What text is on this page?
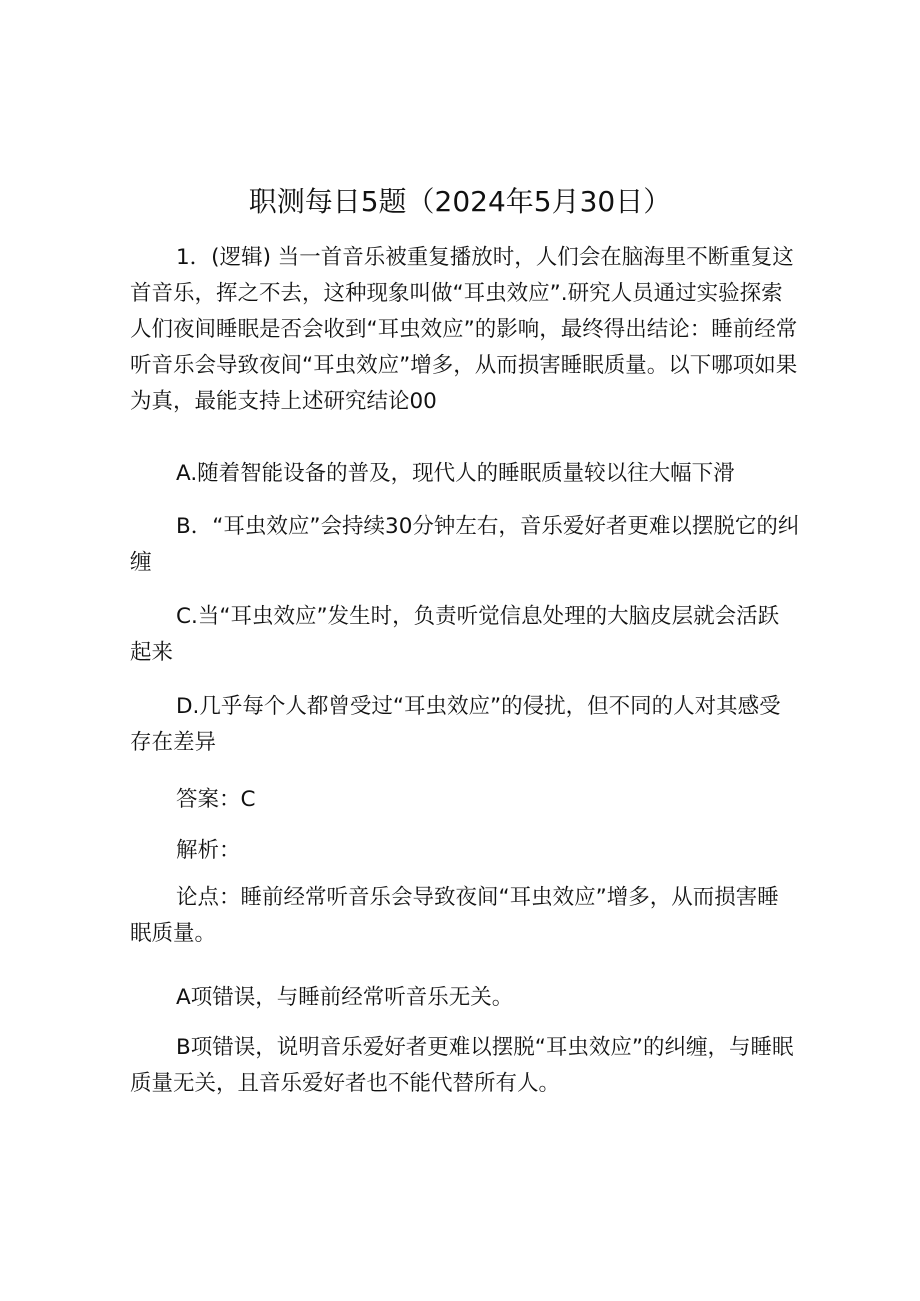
职测每日5题（2024年5月30日）

1．(逻辑) 当一首音乐被重复播放时，人们会在脑海里不断重复这首音乐，挥之不去，这种现象叫做“耳虫效应”.研究人员通过实验探索人们夜间睡眠是否会收到“耳虫效应”的影响，最终得出结论：睡前经常听音乐会导致夜间“耳虫效应”增多，从而损害睡眠质量。以下哪项如果为真，最能支持上述研究结论00

A.随着智能设备的普及，现代人的睡眠质量较以往大幅下滑

B．“耳虫效应”会持续30分钟左右，音乐爱好者更难以摆脱它的纠缠

C.当“耳虫效应”发生时，负责听觉信息处理的大脑皮层就会活跃起来

D.几乎每个人都曾受过“耳虫效应”的侵扰，但不同的人对其感受存在差异

答案：C

解析：

论点：睡前经常听音乐会导致夜间“耳虫效应”增多，从而损害睡眠质量。

A项错误，与睡前经常听音乐无关。

B项错误，说明音乐爱好者更难以摆脱“耳虫效应”的纠缠，与睡眠质量无关，且音乐爱好者也不能代替所有人。
